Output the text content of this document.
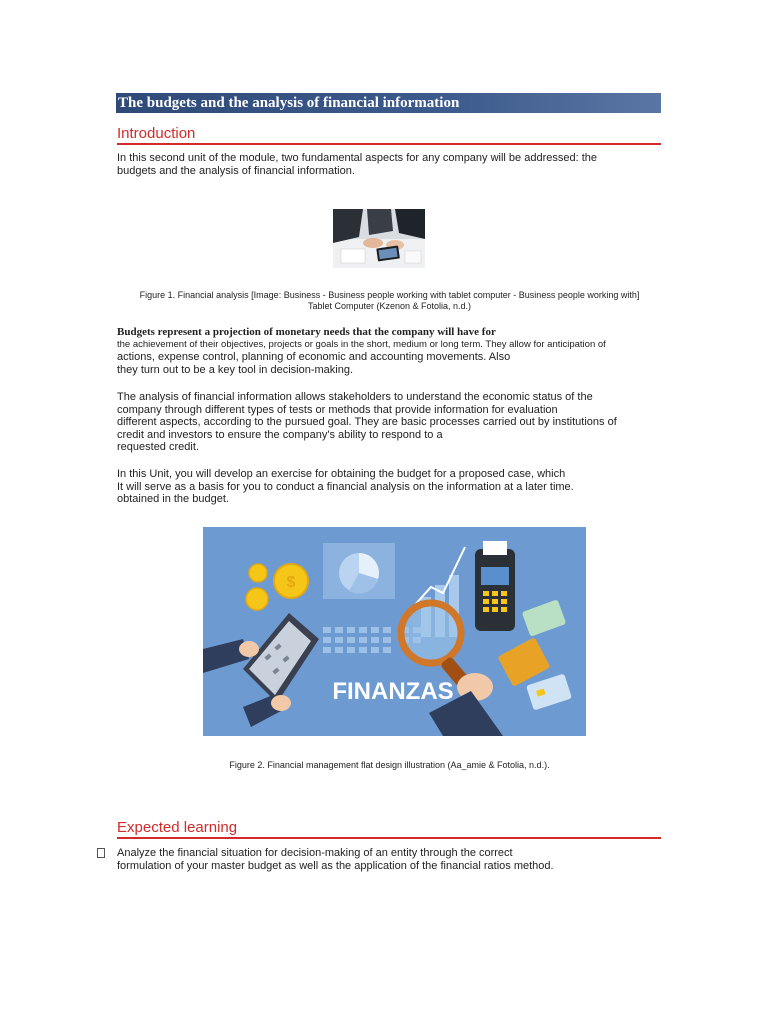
The budgets and the analysis of financial information
Introduction
In this second unit of the module, two fundamental aspects for any company will be addressed: the
budgets and the analysis of financial information.
Figure 1. Financial analysis [Image: Business - Business people working with tablet computer - Business people working with]
Tablet Computer (Kzenon & Fotolia, n.d.)
Budgets represent a projection of monetary needs that the company will have for
the achievement of their objectives, projects or goals in the short, medium or long term. They allow for anticipation of
actions, expense control, planning of economic and accounting movements. Also
they turn out to be a key tool in decision-making.
The analysis of financial information allows stakeholders to understand the economic status of the
company through different types of tests or methods that provide information for evaluation
different aspects, according to the pursued goal. They are basic processes carried out by institutions of
credit and investors to ensure the company's ability to respond to a
requested credit.
In this Unit, you will develop an exercise for obtaining the budget for a proposed case, which
It will serve as a basis for you to conduct a financial analysis on the information at a later time.
obtained in the budget.
$
FINANZAS
Figure 2. Financial management flat design illustration (Aa_amie & Fotolia, n.d.).
Expected learning
Analyze the financial situation for decision-making of an entity through the correct
formulation of your master budget as well as the application of the financial ratios method.
